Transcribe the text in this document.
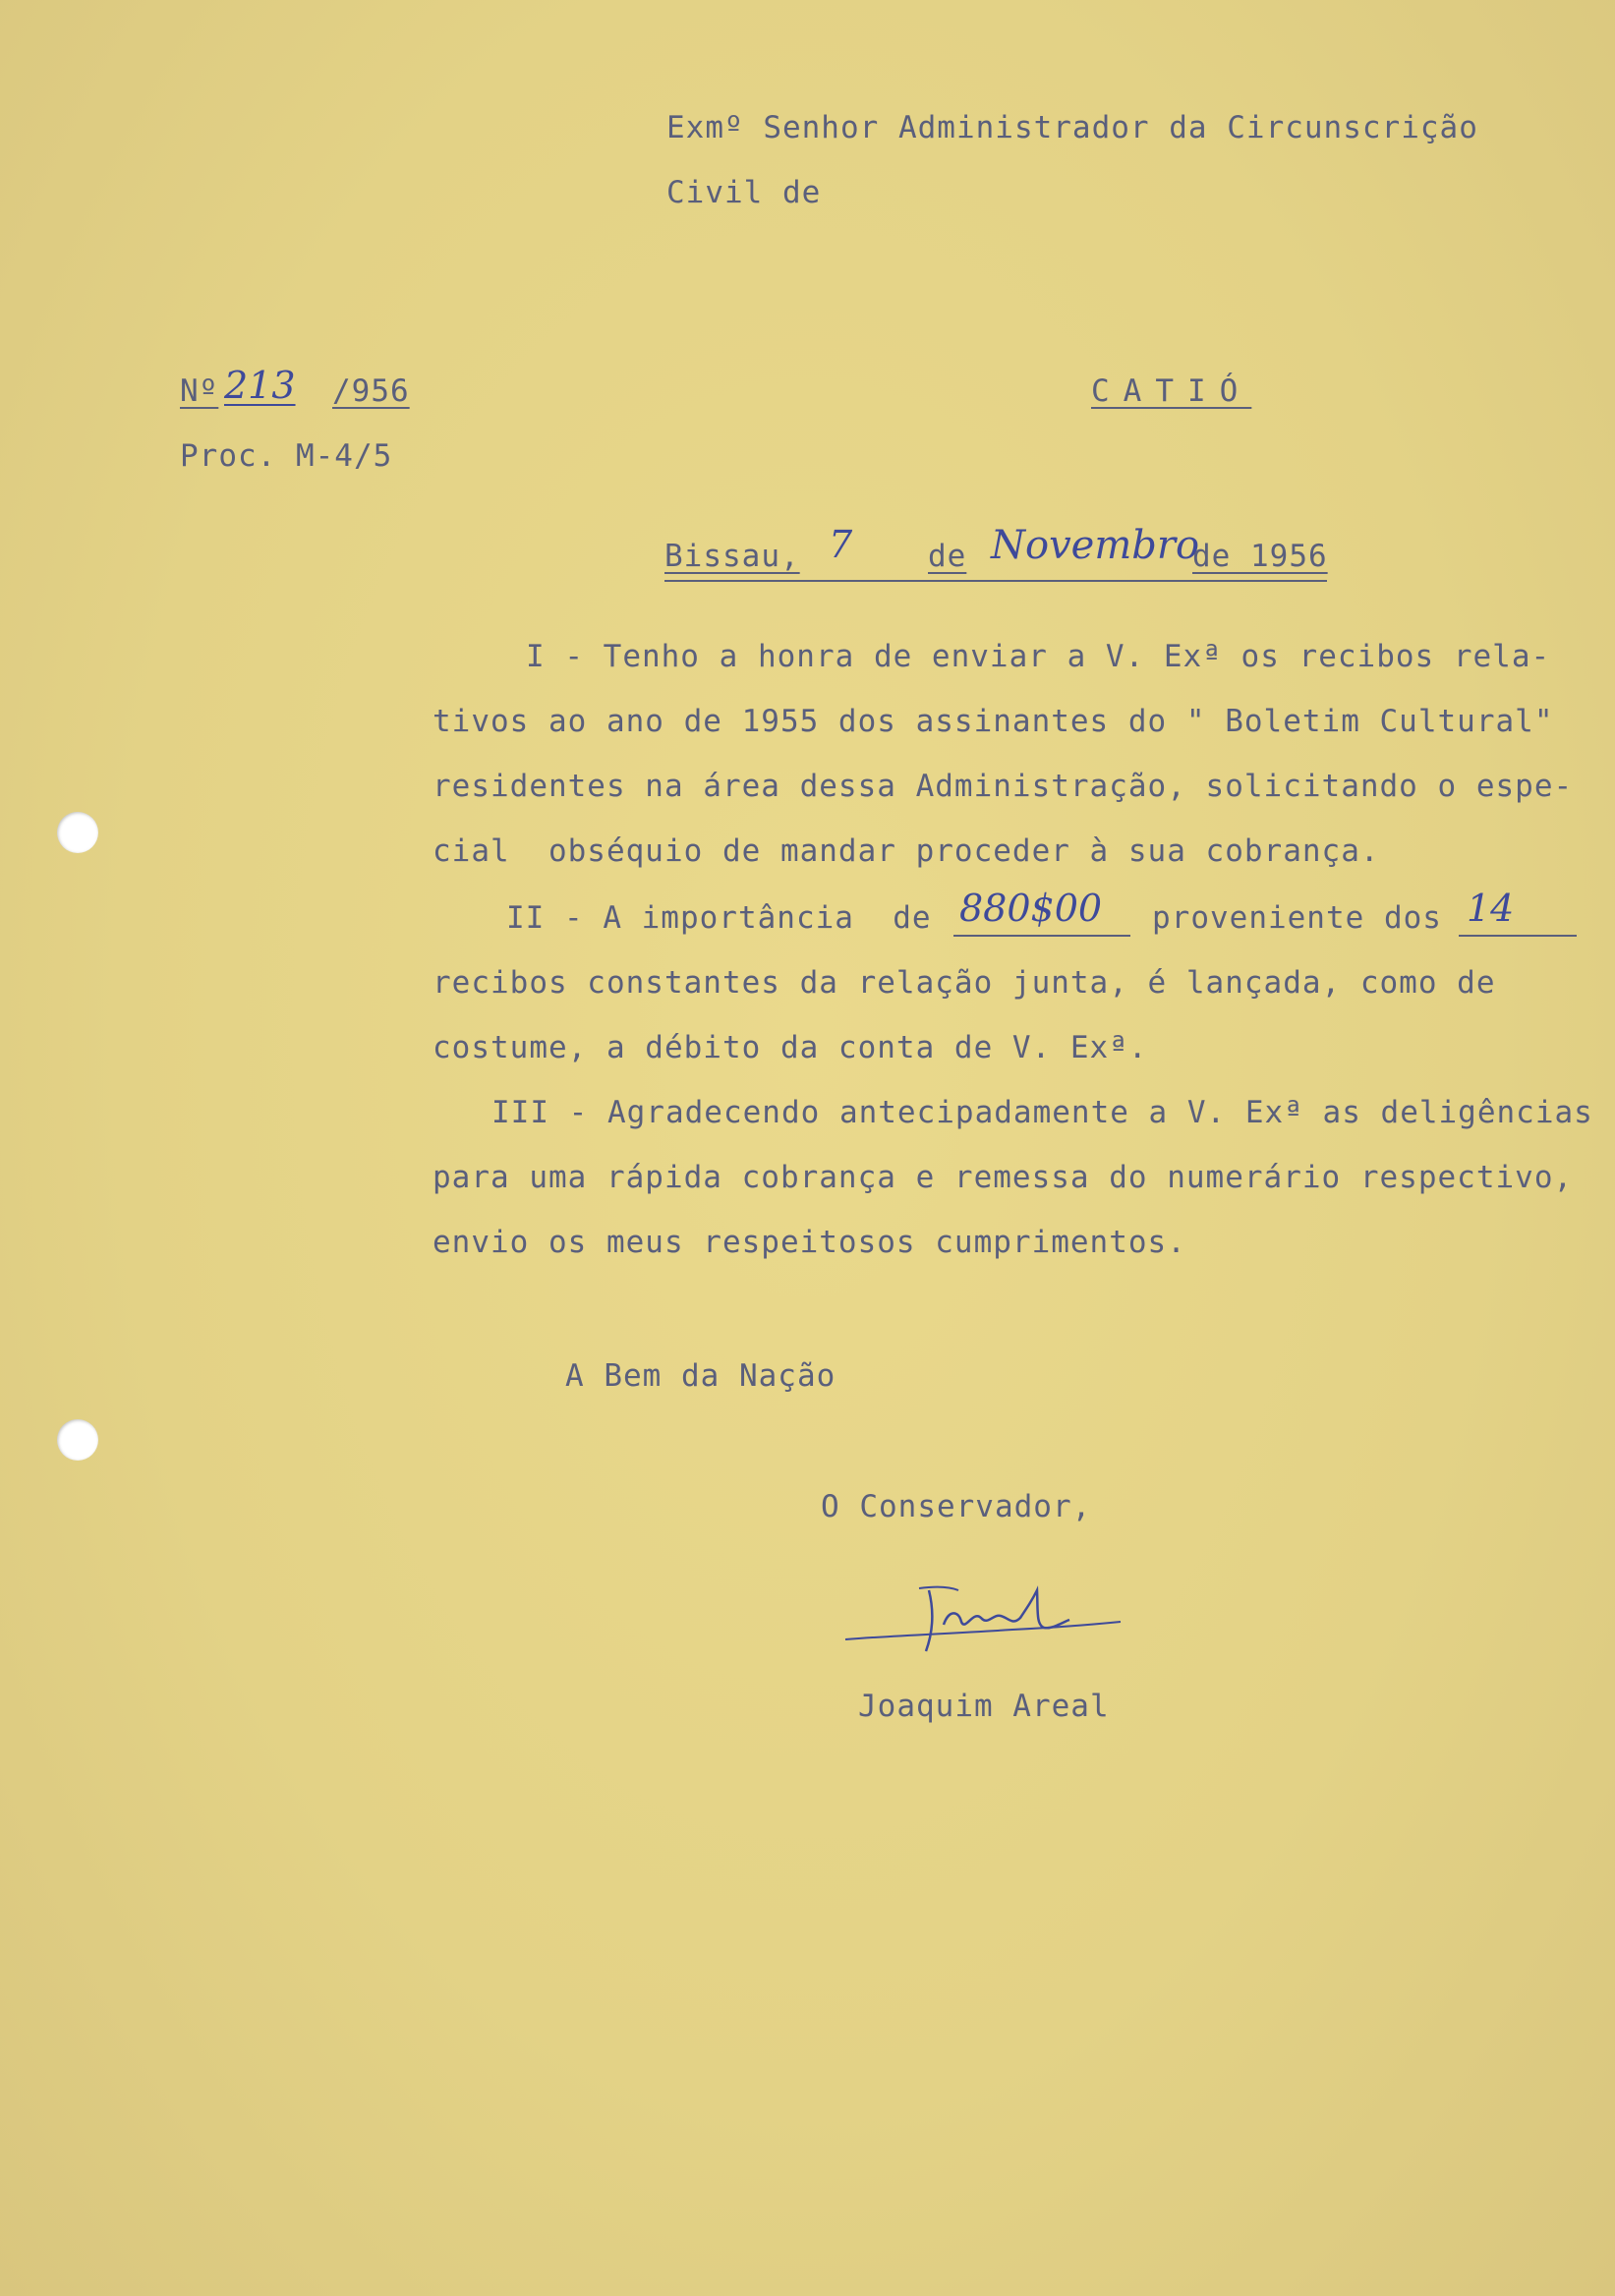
Exmº Senhor Administrador da Circunscrição
Civil de
Nº 213 /956
Proc. M-4/5
CATIÓ
Bissau, 7 de Novembro
de 1956
I - Tenho a honra de enviar a V. Exª os recibos rela-
tivos ao ano de 1955 dos assinantes do " Boletim Cultural"
residentes na área dessa Administração, solicitando o espe-
cial  obséquio de mandar proceder à sua cobrança.
II - A importância  de 880$00 proveniente dos 14
recibos constantes da relação junta, é lançada, como de
costume, a débito da conta de V. Exª.
III - Agradecendo antecipadamente a V. Exª as deligências
para uma rápida cobrança e remessa do numerário respectivo,
envio os meus respeitosos cumprimentos.
A Bem da Nação
O Conservador,
Joaquim Areal
